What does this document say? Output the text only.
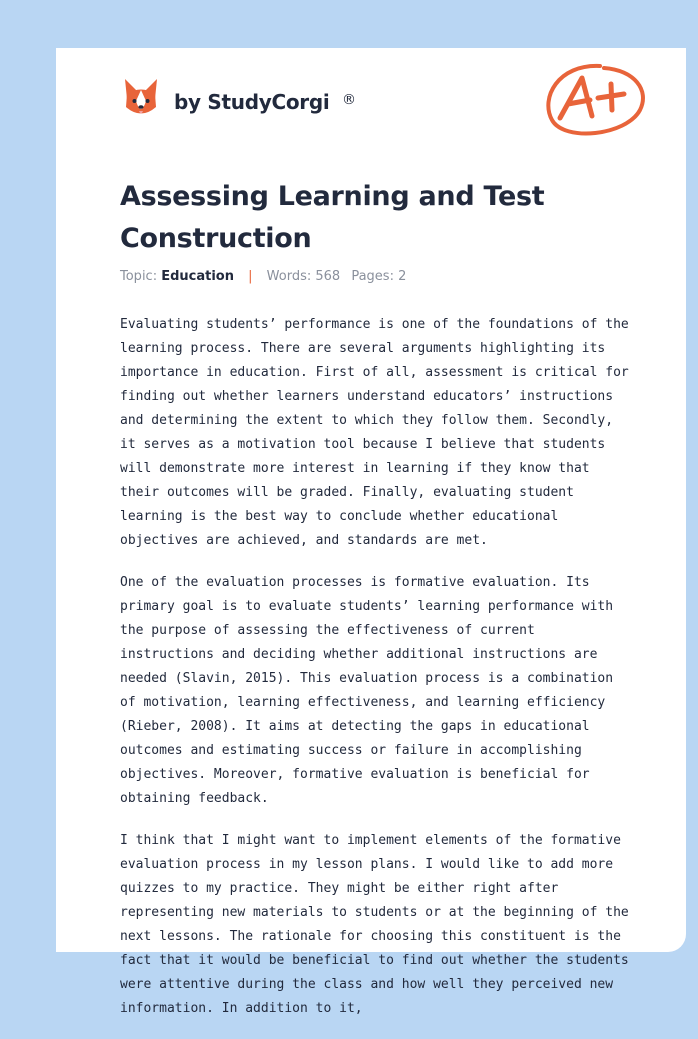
by StudyCorgi ®
Assessing Learning and Test Construction
Topic: Education | Words: 568 Pages: 2

Evaluating students’ performance is one of the foundations of the learning process. There are several arguments highlighting its importance in education. First of all, assessment is critical for finding out whether learners understand educators’ instructions and determining the extent to which they follow them. Secondly, it serves as a motivation tool because I believe that students will demonstrate more interest in learning if they know that their outcomes will be graded. Finally, evaluating student learning is the best way to conclude whether educational objectives are achieved, and standards are met.

One of the evaluation processes is formative evaluation. Its primary goal is to evaluate students’ learning performance with the purpose of assessing the effectiveness of current instructions and deciding whether additional instructions are needed (Slavin, 2015). This evaluation process is a combination of motivation, learning effectiveness, and learning efficiency (Rieber, 2008). It aims at detecting the gaps in educational outcomes and estimating success or failure in accomplishing objectives. Moreover, formative evaluation is beneficial for obtaining feedback.

I think that I might want to implement elements of the formative evaluation process in my lesson plans. I would like to add more quizzes to my practice. They might be either right after representing new materials to students or at the beginning of the next lessons. The rationale for choosing this constituent is the fact that it would be beneficial to find out whether the students were attentive during the class and how well they perceived new information. In addition to it,
